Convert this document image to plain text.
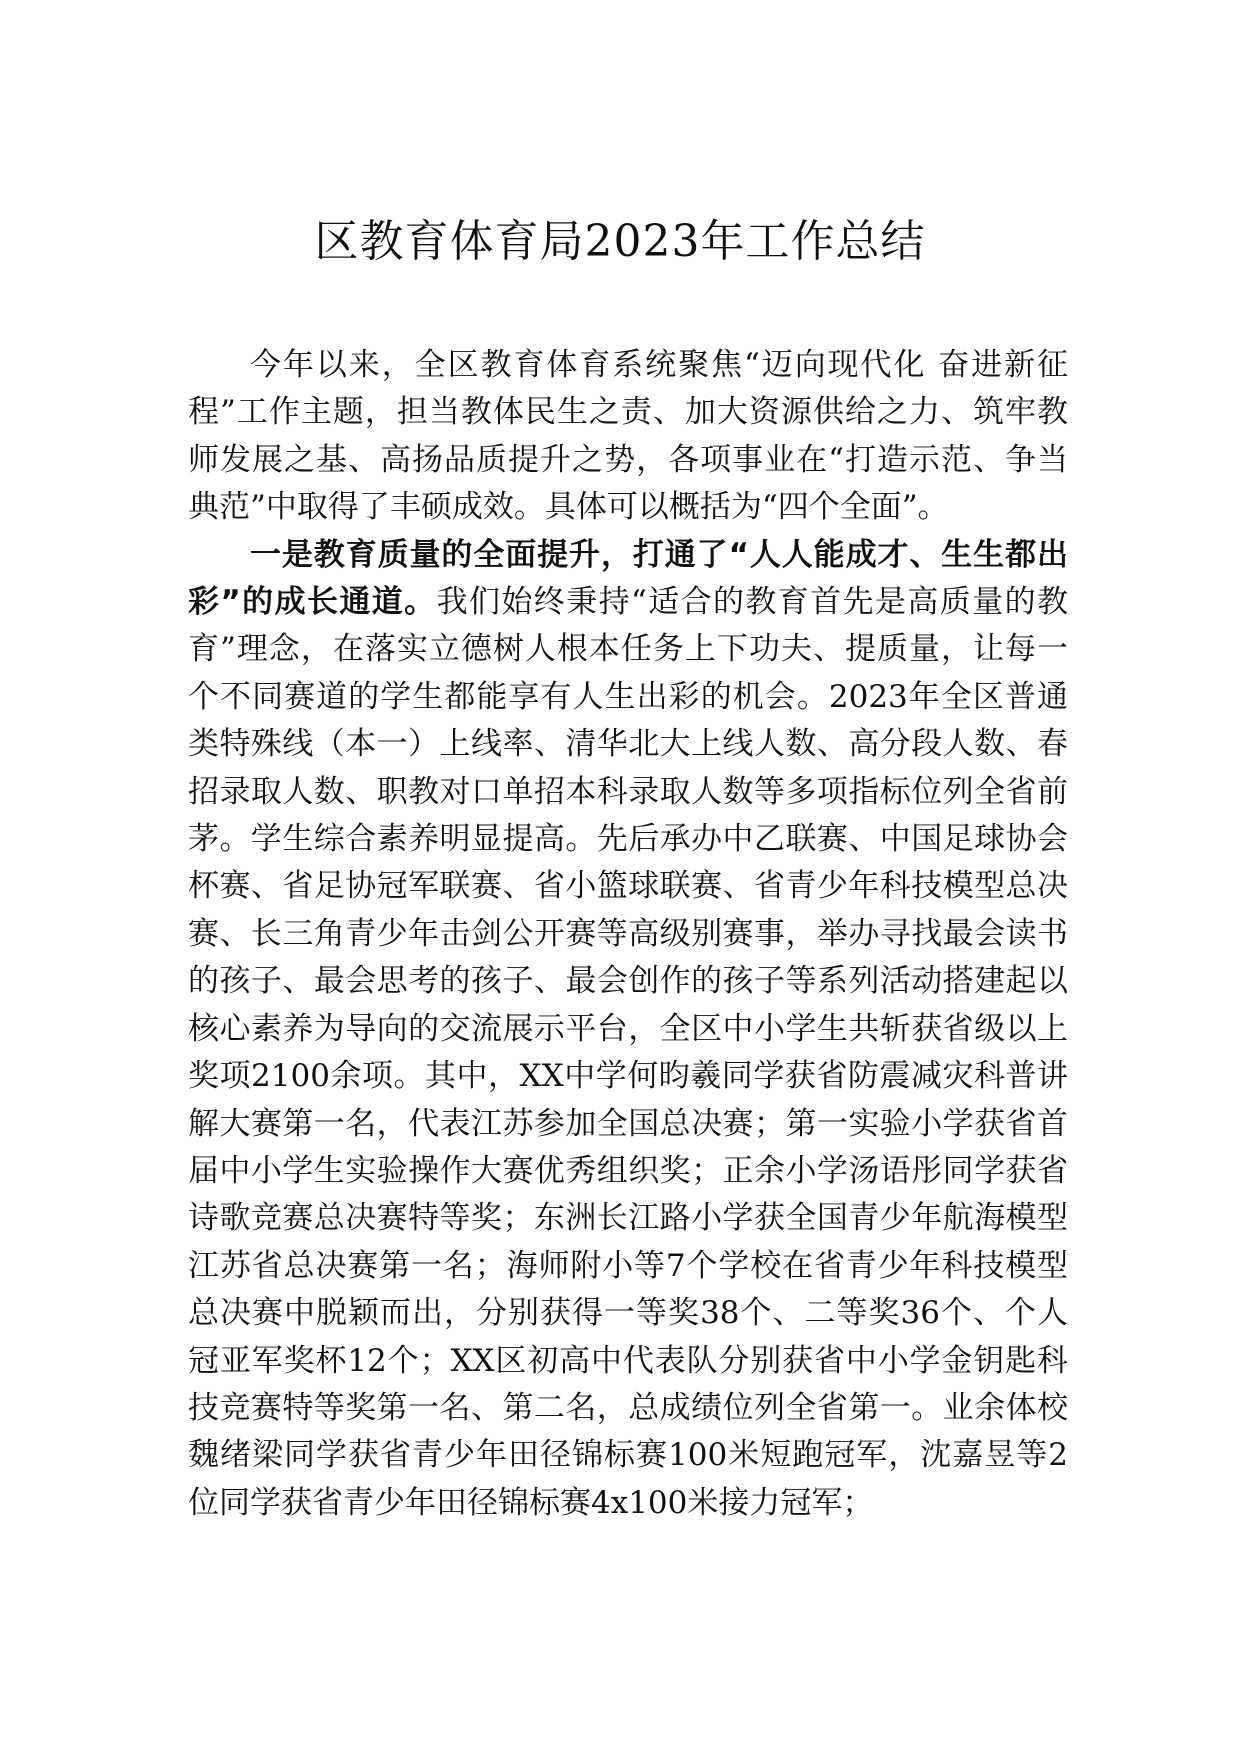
区教育体育局2023年工作总结

今年以来，全区教育体育系统聚焦“迈向现代化 奋进新征程”工作主题，担当教体民生之责、加大资源供给之力、筑牢教师发展之基、高扬品质提升之势，各项事业在“打造示范、争当典范”中取得了丰硕成效。具体可以概括为“四个全面”。

一是教育质量的全面提升，打通了“人人能成才、生生都出彩”的成长通道。我们始终秉持“适合的教育首先是高质量的教育”理念，在落实立德树人根本任务上下功夫、提质量，让每一个不同赛道的学生都能享有人生出彩的机会。2023年全区普通类特殊线（本一）上线率、清华北大上线人数、高分段人数、春招录取人数、职教对口单招本科录取人数等多项指标位列全省前茅。学生综合素养明显提高。先后承办中乙联赛、中国足球协会杯赛、省足协冠军联赛、省小篮球联赛、省青少年科技模型总决赛、长三角青少年击剑公开赛等高级别赛事，举办寻找最会读书的孩子、最会思考的孩子、最会创作的孩子等系列活动搭建起以核心素养为导向的交流展示平台，全区中小学生共斩获省级以上奖项2100余项。其中，XX中学何昀羲同学获省防震减灾科普讲解大赛第一名，代表江苏参加全国总决赛；第一实验小学获省首届中小学生实验操作大赛优秀组织奖；正余小学汤语彤同学获省诗歌竞赛总决赛特等奖；东洲长江路小学获全国青少年航海模型江苏省总决赛第一名；海师附小等7个学校在省青少年科技模型总决赛中脱颖而出，分别获得一等奖38个、二等奖36个、个人冠亚军奖杯12个；XX区初高中代表队分别获省中小学金钥匙科技竞赛特等奖第一名、第二名，总成绩位列全省第一。业余体校魏绪梁同学获省青少年田径锦标赛100米短跑冠军，沈嘉昱等2位同学获省青少年田径锦标赛4x100米接力冠军；
